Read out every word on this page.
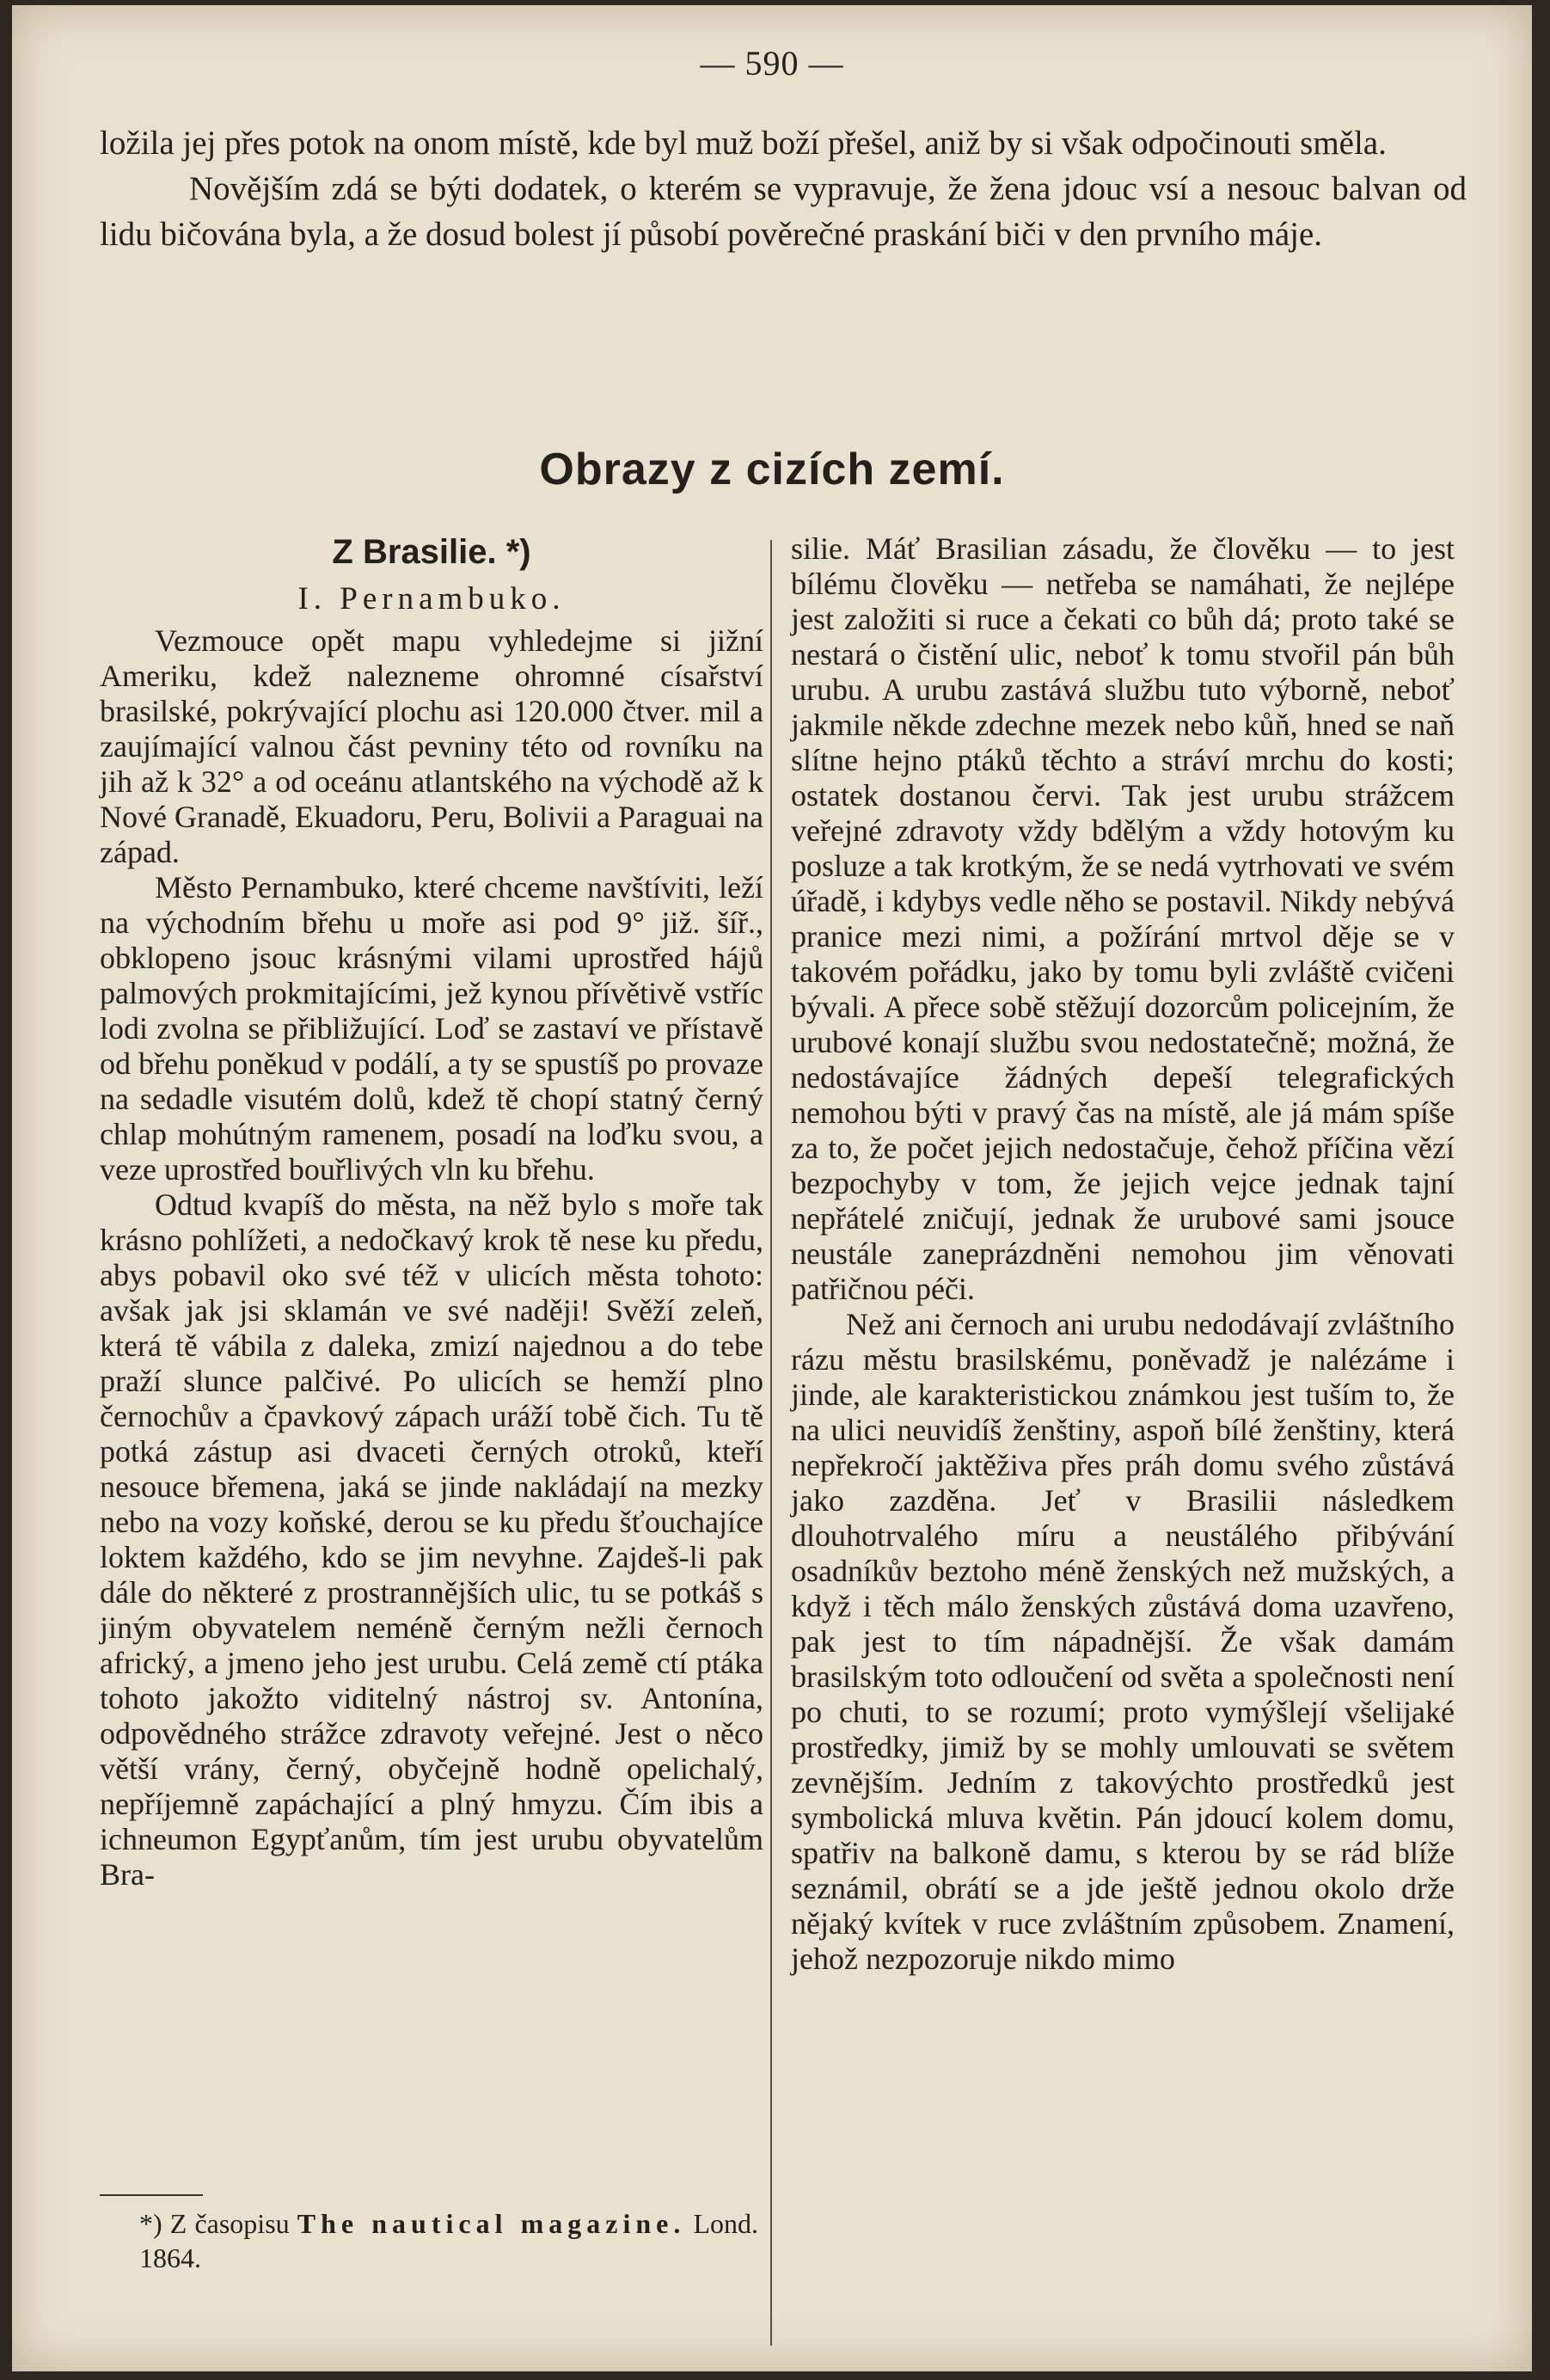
— 590 —

ložila jej přes potok na onom místě, kde byl muž boží přešel, aniž by si však odpočinouti směla.

Novějším zdá se býti dodatek, o kterém se vypravuje, že žena jdouc vsí a nesouc balvan od lidu bičována byla, a že dosud bolest jí působí pověrečné praskání biči v den prvního máje.

Obrazy z cizích zemí.

Z Brasilie. *)

I. Pernambuko.

Vezmouce opět mapu vyhledejme si jižní Ameriku, kdež nalezneme ohromné císařství brasilské, pokrývající plochu asi 120.000 čtver. mil a zaujímající valnou část pevniny této od rovníku na jih až k 32° a od oceánu atlantského na východě až k Nové Granadě, Ekuadoru, Peru, Bolivii a Paraguai na západ.

Město Pernambuko, které chceme navštíviti, leží na východním břehu u moře asi pod 9° již. šíř., obklopeno jsouc krásnými vilami uprostřed hájů palmových prokmitajícími, jež kynou přívětivě vstříc lodi zvolna se přibližující. Loď se zastaví ve přístavě od břehu poněkud v podálí, a ty se spustíš po provaze na sedadle visutém dolů, kdež tě chopí statný černý chlap mohútným ramenem, posadí na loďku svou, a veze uprostřed bouřlivých vln ku břehu.

Odtud kvapíš do města, na něž bylo s moře tak krásno pohlížeti, a nedočkavý krok tě nese ku předu, abys pobavil oko své též v ulicích města tohoto: avšak jak jsi sklamán ve své naději! Svěží zeleň, která tě vábila z daleka, zmizí najednou a do tebe praží slunce palčivé. Po ulicích se hemží plno černochův a čpavkový zápach uráží tobě čich. Tu tě potká zástup asi dvaceti černých otroků, kteří nesouce břemena, jaká se jinde nakládají na mezky nebo na vozy koňské, derou se ku předu šťouchajíce loktem každého, kdo se jim nevyhne. Zajdeš-li pak dále do některé z prostrannějších ulic, tu se potkáš s jiným obyvatelem neméně černým nežli černoch africký, a jmeno jeho jest urubu. Celá země ctí ptáka tohoto jakožto viditelný nástroj sv. Antonína, odpovědného strážce zdravoty veřejné. Jest o něco větší vrány, černý, obyčejně hodně opelichalý, nepříjemně zapáchající a plný hmyzu. Čím ibis a ichneumon Egypťanům, tím jest urubu obyvatelům Bra-

silie. Máť Brasilian zásadu, že člověku — to jest bílému člověku — netřeba se namáhati, že nejlépe jest založiti si ruce a čekati co bůh dá; proto také se nestará o čistění ulic, neboť k tomu stvořil pán bůh urubu. A urubu zastává službu tuto výborně, neboť jakmile někde zdechne mezek nebo kůň, hned se naň slítne hejno ptáků těchto a stráví mrchu do kosti; ostatek dostanou červi. Tak jest urubu strážcem veřejné zdravoty vždy bdělým a vždy hotovým ku posluze a tak krotkým, že se nedá vytrhovati ve svém úřadě, i kdybys vedle něho se postavil. Nikdy nebývá pranice mezi nimi, a požírání mrtvol děje se v takovém pořádku, jako by tomu byli zvláště cvičeni bývali. A přece sobě stěžují dozorcům policejním, že urubové konají službu svou nedostatečně; možná, že nedostávajíce žádných depeší telegrafických nemohou býti v pravý čas na místě, ale já mám spíše za to, že počet jejich nedostačuje, čehož příčina vězí bezpochyby v tom, že jejich vejce jednak tajní nepřátelé zničují, jednak že urubové sami jsouce neustále zaneprázdněni nemohou jim věnovati patřičnou péči.

Než ani černoch ani urubu nedodávají zvláštního rázu městu brasilskému, poněvadž je nalézáme i jinde, ale karakteristickou známkou jest tuším to, že na ulici neuvidíš ženštiny, aspoň bílé ženštiny, která nepřekročí jaktěživa přes práh domu svého zůstává jako zazděna. Jeť v Brasilii následkem dlouhotrvalého míru a neustálého přibývání osadníkův beztoho méně ženských než mužských, a když i těch málo ženských zůstává doma uzavřeno, pak jest to tím nápadnější. Že však damám brasilským toto odloučení od světa a společnosti není po chuti, to se rozumí; proto vymýšlejí všelijaké prostředky, jimiž by se mohly umlouvati se světem zevnějším. Jedním z takovýchto prostředků jest symbolická mluva květin. Pán jdoucí kolem domu, spatřiv na balkoně damu, s kterou by se rád blíže seznámil, obrátí se a jde ještě jednou okolo drže nějaký kvítek v ruce zvláštním způsobem. Znamení, jehož nezpozoruje nikdo mimo

*) Z časopisu The nautical magazine. Lond. 1864.
